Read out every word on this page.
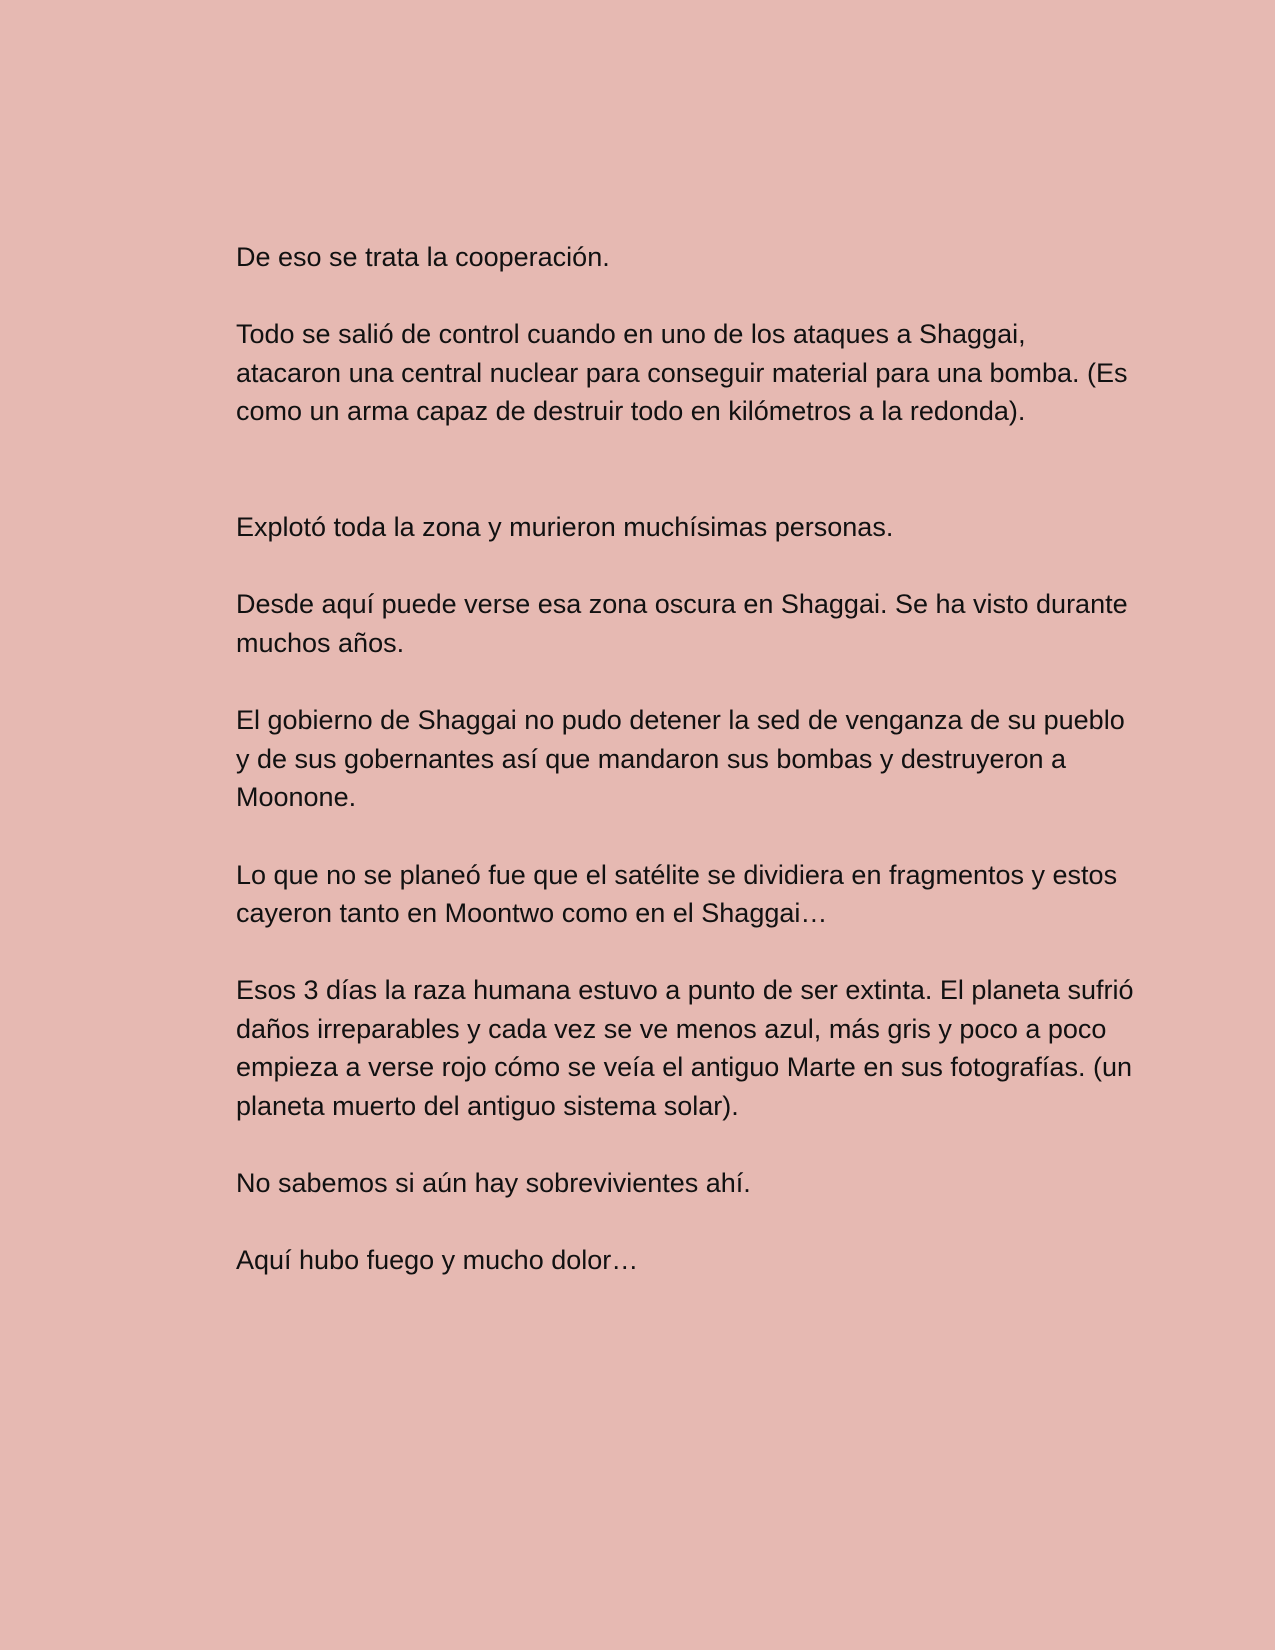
De eso se trata la cooperación.

Todo se salió de control cuando en uno de los ataques a Shaggai, atacaron una central nuclear para conseguir material para una bomba. (Es como un arma capaz de destruir todo en kilómetros a la redonda).

Explotó toda la zona y murieron muchísimas personas.

Desde aquí puede verse esa zona oscura en Shaggai. Se ha visto durante muchos años.

El gobierno de Shaggai no pudo detener la sed de venganza de su pueblo y de sus gobernantes así que mandaron sus bombas y destruyeron a Moonone.

Lo que no se planeó fue que el satélite se dividiera en fragmentos y estos cayeron tanto en Moontwo como en el Shaggai…

Esos 3 días la raza humana estuvo a punto de ser extinta. El planeta sufrió daños irreparables y cada vez se ve menos azul, más gris y poco a poco empieza a verse rojo cómo se veía el antiguo Marte en sus fotografías. (un planeta muerto del antiguo sistema solar).

No sabemos si aún hay sobrevivientes ahí.

Aquí hubo fuego y mucho dolor…
